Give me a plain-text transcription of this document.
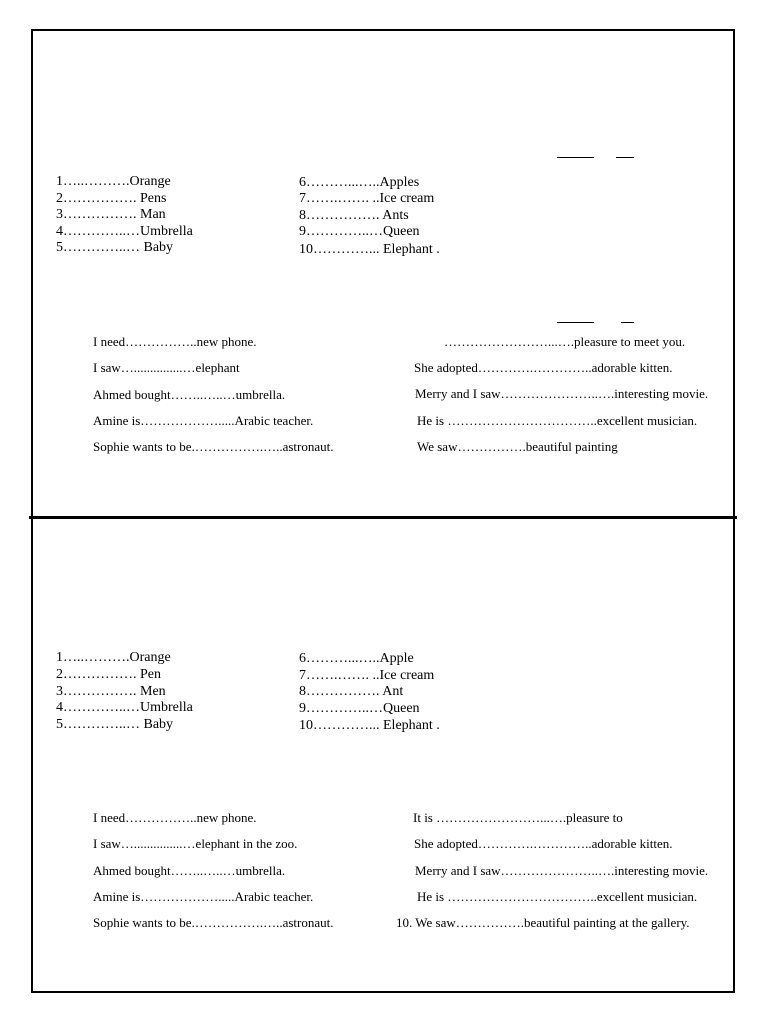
1…..……….Orange
2……………. Pens
3……………. Man
4…………..…Umbrella
5…………..… Baby
6………...…..Apples
7…….……. ..Ice cream
8……………. Ants
9…………..…Queen
10…………... Elephant .
I need……………..new phone.
I saw…...............…elephant
Ahmed bought……..…..…umbrella.
Amine is……………….....Arabic teacher.
Sophie wants to be.…………….…..astronaut.
……………………...….pleasure to meet you.
She adopted………….…………..adorable kitten.
Merry and I saw…………………..….interesting movie.
He is ……………………………..excellent musician.
We saw…………….beautiful painting
1…..……….Orange
2……………. Pen
3……………. Men
4…………..…Umbrella
5…………..… Baby
6………...…..Apple
7…….……. ..Ice cream
8……………. Ant
9…………..…Queen
10…………... Elephant .
I need……………..new phone.
I saw…...............…elephant in the zoo.
Ahmed bought……..…..…umbrella.
Amine is……………….....Arabic teacher.
Sophie wants to be.…………….…..astronaut.
It is ……………………...….pleasure to
She adopted………….…………..adorable kitten.
Merry and I saw…………………..….interesting movie.
He is ……………………………..excellent musician.
10. We saw…………….beautiful painting at the gallery.
